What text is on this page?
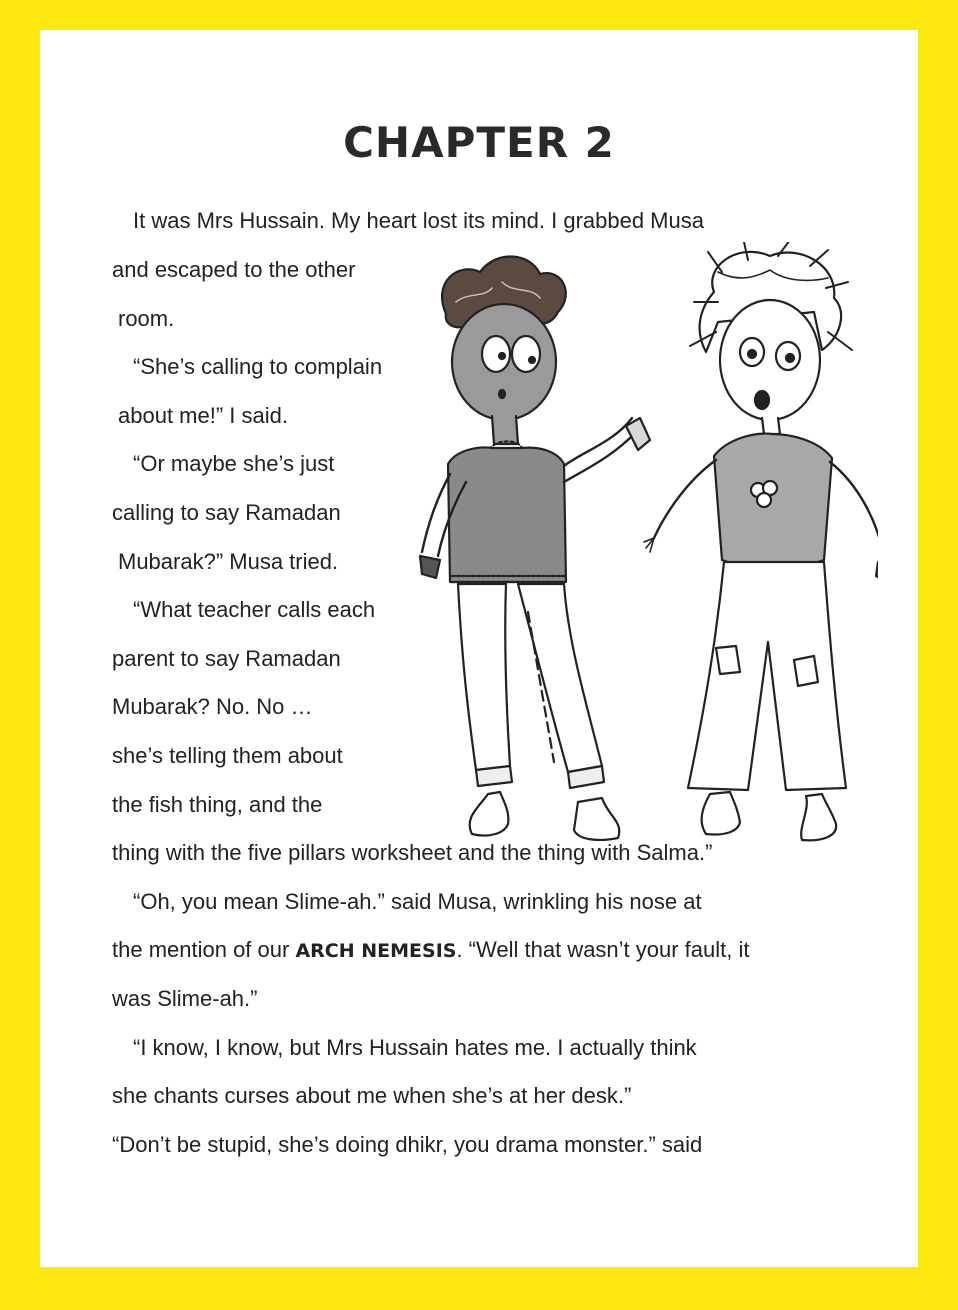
CHAPTER 2
It was Mrs Hussain. My heart lost its mind. I grabbed Musa
and escaped to the other
room.
“She’s calling to complain
about me!” I said.
“Or maybe she’s just
calling to say Ramadan
Mubarak?” Musa tried.
“What teacher calls each
parent to say Ramadan
Mubarak? No. No …
she’s telling them about
the fish thing, and the
thing with the five pillars worksheet and the thing with Salma.”
“Oh, you mean Slime-ah.” said Musa, wrinkling his nose at
the mention of our ARCH NEMESIS. “Well that wasn’t your fault, it
was Slime-ah.”
“I know, I know, but Mrs Hussain hates me. I actually think
she chants curses about me when she’s at her desk.”
“Don’t be stupid, she’s doing dhikr, you drama monster.” said
